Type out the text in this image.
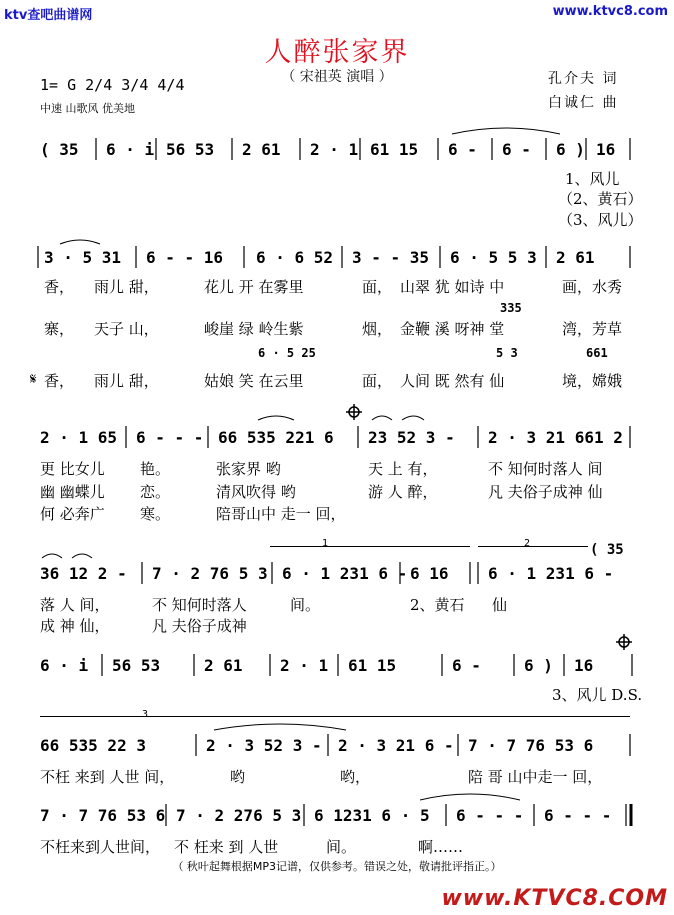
ktv查吧曲谱网	www.ktvc8.com
人醉张家界
（ 宋祖英 演唱 ）
1= G 2/4 3/4 4/4
中速 山歌风 优美地
孔介夫 词
白诚仁 曲
( 35 6 · i 56 53 2 61 2 · 1 61 15 6 - 6 - 6 ) 16
1、风儿
（2、黄石）
（3、风儿）
3 · 5 31 6 - - 16 6 · 6 52 3 - - 35 6 · 5 5 3 2 61
香， 雨儿 甜，	花儿 开 在雾里	面， 山翠 犹 如诗 中	画，水秀
335
寨， 天子 山，	峻崖 绿 岭生紫	烟， 金鞭 溪 呀神 堂	湾，芳草
6 · 5 25	5 3	661
𝄋 香， 雨儿 甜，	姑娘 笑 在云里	面， 人间 既 然有 仙	境，嫦娥
2 · 1 65 6 - - - 66 535 221 6 23 52 3 - 2 · 3 21 661 2
更 比女儿 艳。	张家界 哟	天 上 有，	不 知何时落人 间
幽 幽蝶儿 恋。	清风吹得 哟	游 人 醉，	凡 夫俗子成神 仙
何 必奔广 寒。	陪哥山中 走一 回，
1	2	( 35
36 12 2 - 7 · 2 76 5 3 6 · 1 231 6 - 6 16 6 · 1 231 6 -
落 人 间，	不 知何时落人	间。	2、黄石 仙
成 神 仙，	凡 夫俗子成神
6 · i 56 53	2 61 2 · 1 61 15	6 -	6 ) 16
3、风儿 D.S.
3
66 535 22 3	2 · 3 52 3 - 2 · 3 21 6 - 7 · 7 76 53 6
不枉 来到 人世 间，	哟	哟，	陪 哥 山中走一 回，
7 · 7 76 53 6 7 · 2 276 5 3 6 1231 6 · 5 6 - - - 6 - - -
不枉来到人世间， 不 枉来 到 人世	间。	啊……
（ 秋叶起舞根据MP3记谱，仅供参考。错误之处，敬请批评指正。）
www.KTVC8.COM
